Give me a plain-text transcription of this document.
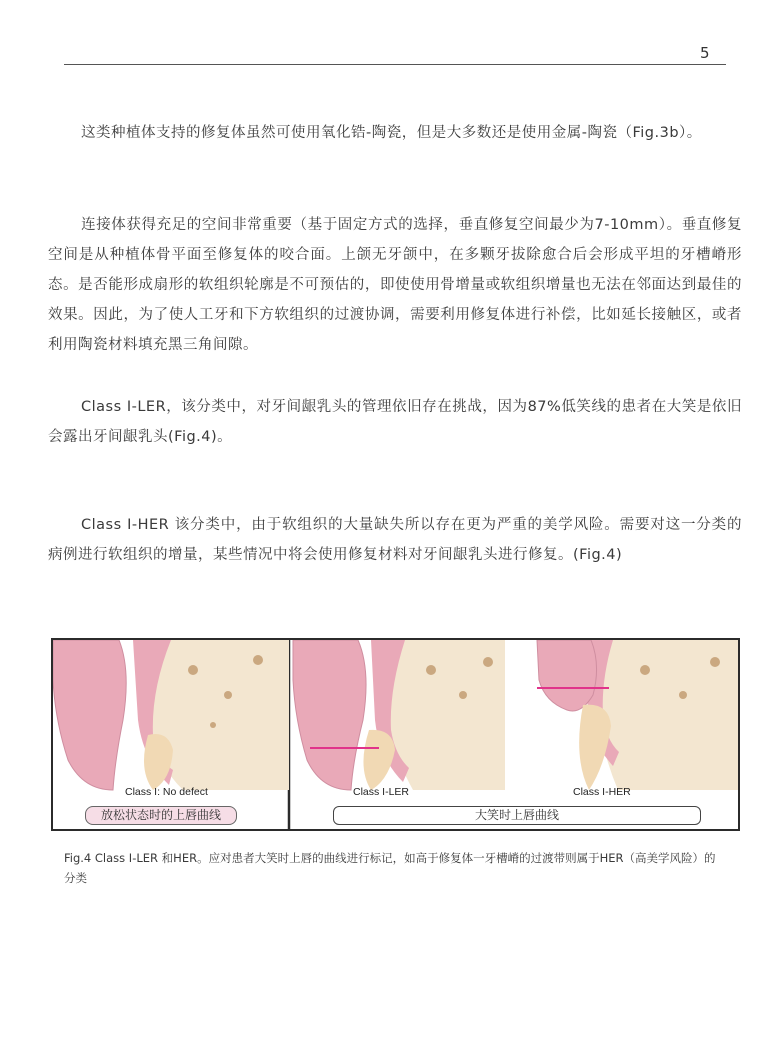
5

这类种植体支持的修复体虽然可使用氧化锆-陶瓷，但是大多数还是使用金属-陶瓷（Fig.3b）。

连接体获得充足的空间非常重要（基于固定方式的选择，垂直修复空间最少为7-10mm）。垂直修复空间是从种植体骨平面至修复体的咬合面。上颌无牙颌中，在多颗牙拔除愈合后会形成平坦的牙槽嵴形态。是否能形成扇形的软组织轮廓是不可预估的，即使使用骨增量或软组织增量也无法在邻面达到最佳的效果。因此，为了使人工牙和下方软组织的过渡协调，需要利用修复体进行补偿，比如延长接触区，或者利用陶瓷材料填充黑三角间隙。

Class I-LER，该分类中，对牙间龈乳头的管理依旧存在挑战，因为87%低笑线的患者在大笑是依旧会露出牙间龈乳头(Fig.4)。

Class I-HER 该分类中，由于软组织的大量缺失所以存在更为严重的美学风险。需要对这一分类的病例进行软组织的增量，某些情况中将会使用修复材料对牙间龈乳头进行修复。(Fig.4)

Class I: No defect	Class I-LER	Class I-HER
放松状态时的上唇曲线	大笑时上唇曲线

Fig.4 Class I-LER 和HER。应对患者大笑时上唇的曲线进行标记，如高于修复体一牙槽嵴的过渡带则属于HER（高美学风险）的分类
